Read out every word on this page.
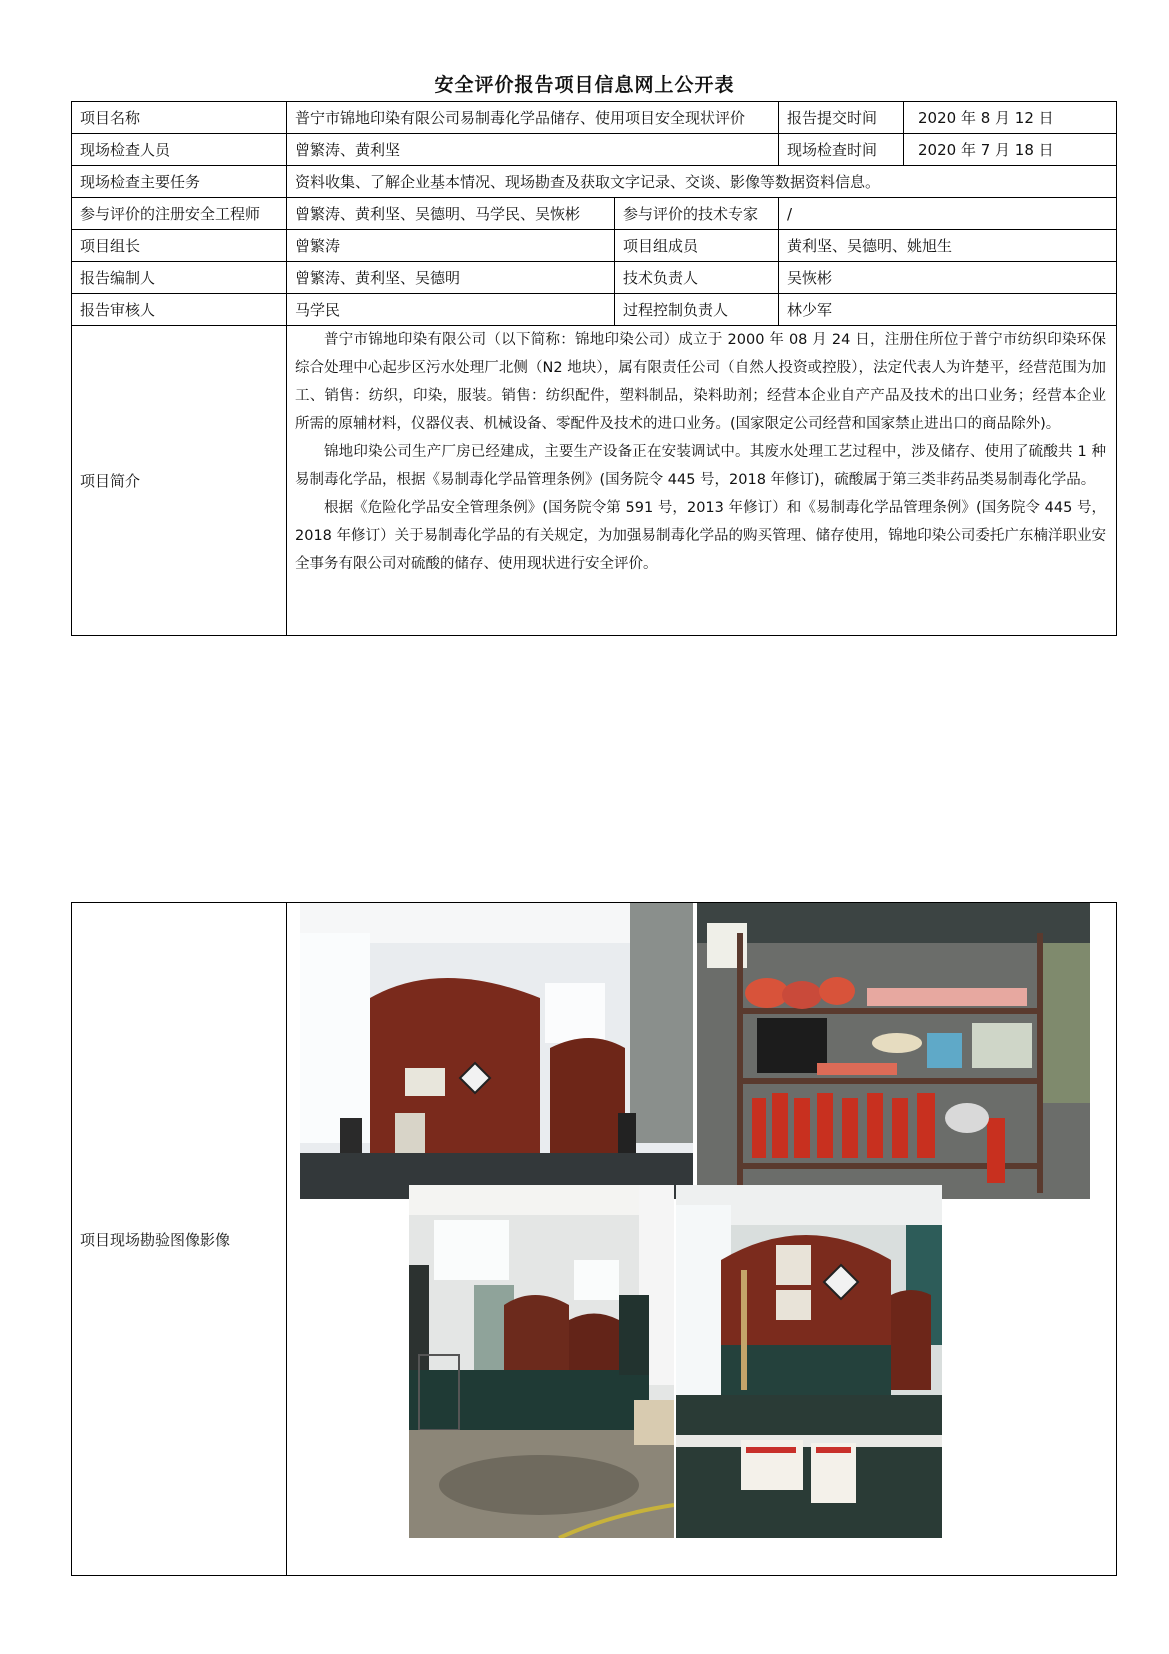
安全评价报告项目信息网上公开表
项目名称	普宁市锦地印染有限公司易制毒化学品储存、使用项目安全现状评价		报告提交时间	2020 年 8 月 12 日
现场检查人员	曾繁涛、黄利坚		现场检查时间	2020 年 7 月 18 日
现场检查主要任务	资料收集、了解企业基本情况、现场勘查及获取文字记录、交谈、影像等数据资料信息。			
参与评价的注册安全工程师	曾繁涛、黄利坚、吴德明、马学民、吴恢彬	参与评价的技术专家	/	
项目组长	曾繁涛	项目组成员	黄利坚、吴德明、姚旭生	
报告编制人	曾繁涛、黄利坚、吴德明	技术负责人	吴恢彬	
报告审核人	马学民	过程控制负责人	林少军	
项目简介	普宁市锦地印染有限公司（以下简称：锦地印染公司）成立于 2000 年 08 月 24 日，注册住所位于普宁市纺织印染环保综合处理中心起步区污水处理厂北侧（N2 地块），属有限责任公司（自然人投资或控股），法定代表人为许楚平，经营范围为加工、销售：纺织，印染，服装。销售：纺织配件，塑料制品，染料助剂；经营本企业自产产品及技术的出口业务；经营本企业所需的原辅材料，仪器仪表、机械设备、零配件及技术的进口业务。(国家限定公司经营和国家禁止进出口的商品除外)。

锦地印染公司生产厂房已经建成，主要生产设备正在安装调试中。其废水处理工艺过程中，涉及储存、使用了硫酸共 1 种易制毒化学品，根据《易制毒化学品管理条例》(国务院令 445 号，2018 年修订)，硫酸属于第三类非药品类易制毒化学品。

根据《危险化学品安全管理条例》(国务院令第 591 号，2013 年修订）和《易制毒化学品管理条例》(国务院令 445 号，2018 年修订）关于易制毒化学品的有关规定，为加强易制毒化学品的购买管理、储存使用，锦地印染公司委托广东楠洋职业安全事务有限公司对硫酸的储存、使用现状进行安全评价。			

项目现场勘验图像影像	
